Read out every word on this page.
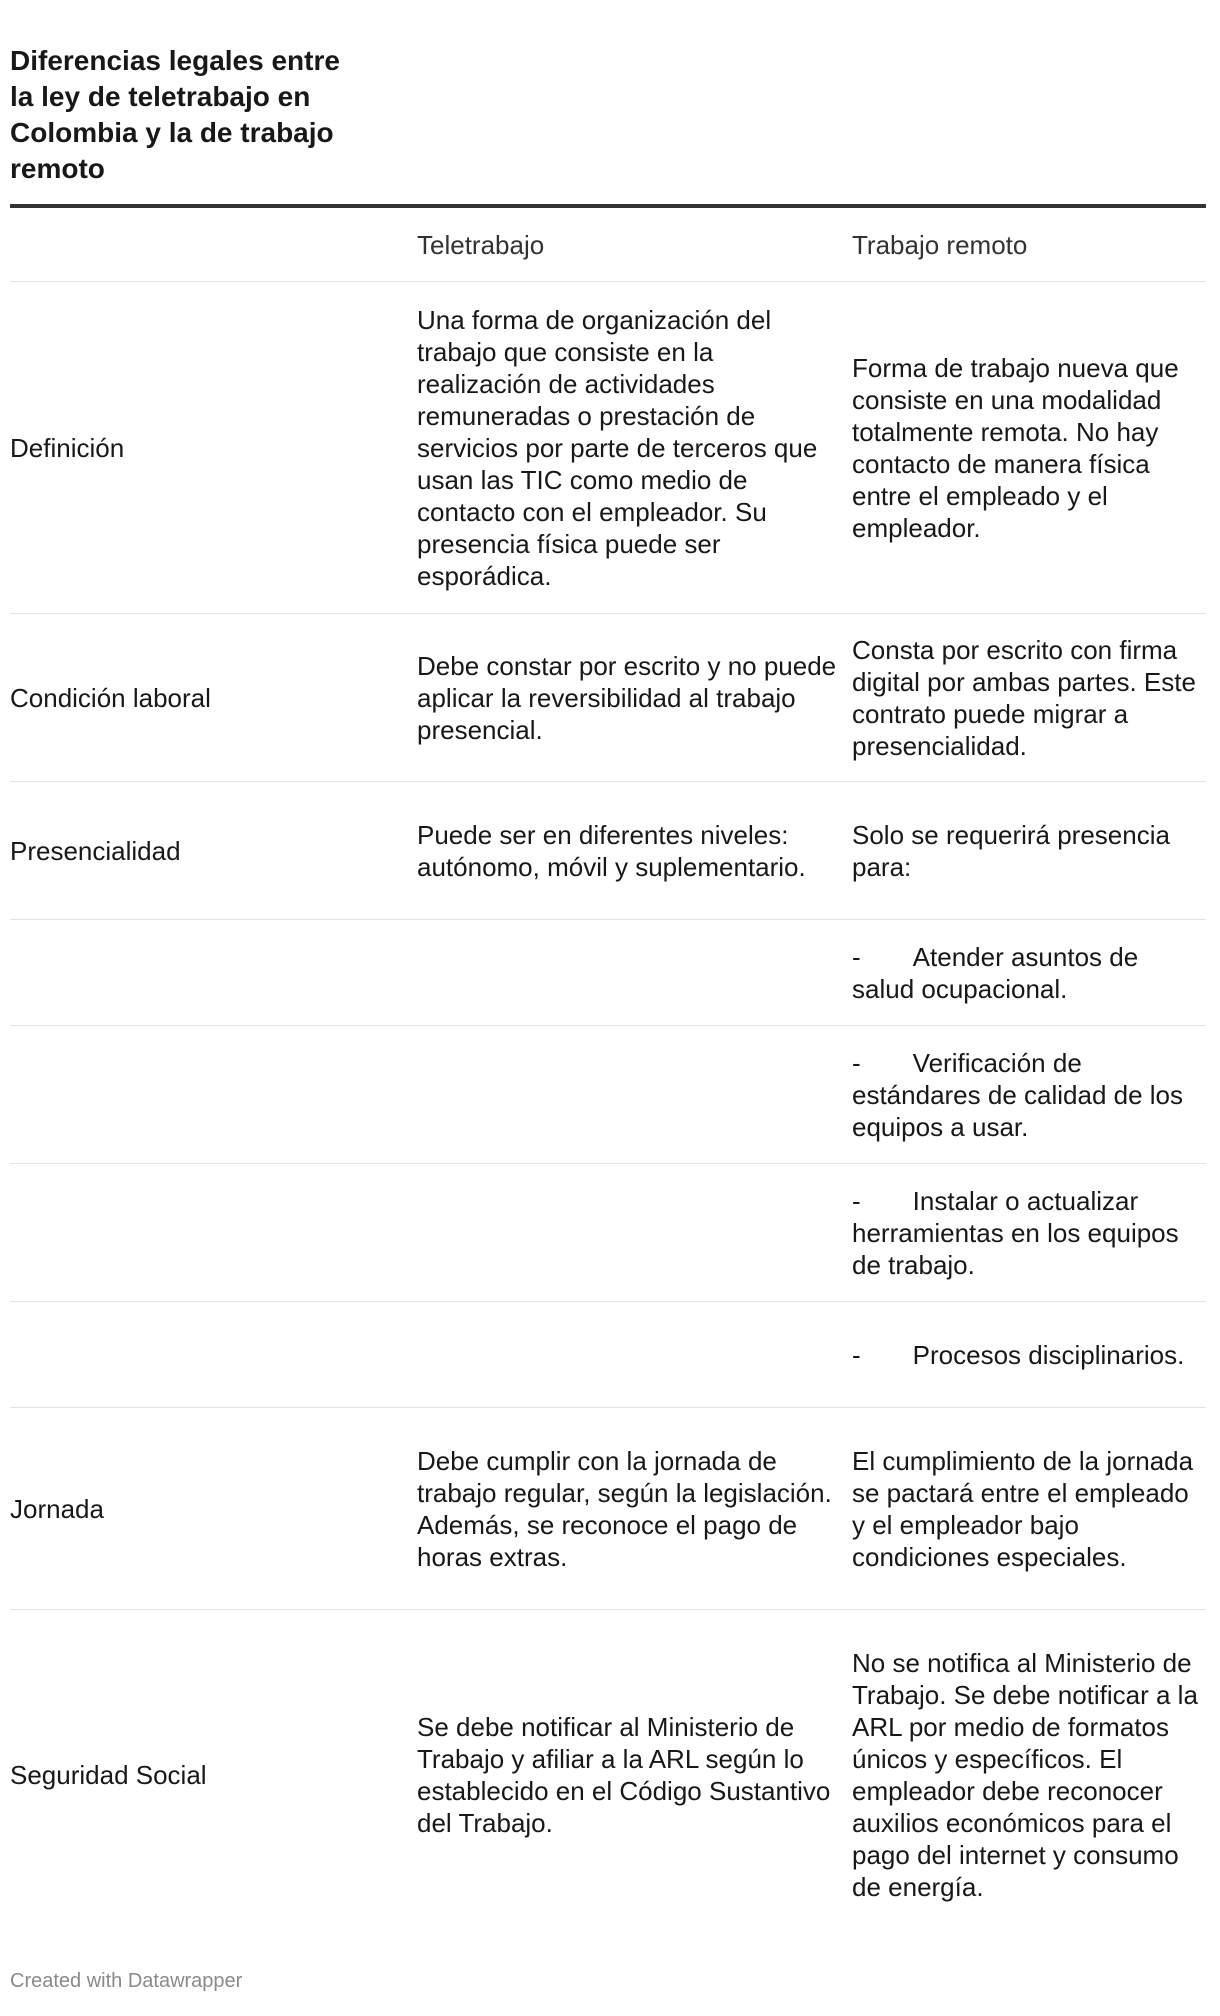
Diferencias legales entre la ley de teletrabajo en Colombia y la de trabajo remoto
Teletrabajo	Trabajo remoto
Definición
Una forma de organización del trabajo que consiste en la realización de actividades remuneradas o prestación de servicios por parte de terceros que usan las TIC como medio de contacto con el empleador. Su presencia física puede ser esporádica.
Forma de trabajo nueva que consiste en una modalidad totalmente remota. No hay contacto de manera física entre el empleado y el empleador.
Condición laboral
Debe constar por escrito y no puede aplicar la reversibilidad al trabajo presencial.
Consta por escrito con firma digital por ambas partes. Este contrato puede migrar a presencialidad.
Presencialidad
Puede ser en diferentes niveles: autónomo, móvil y suplementario.
Solo se requerirá presencia para:
- Atender asuntos de salud ocupacional.
- Verificación de estándares de calidad de los equipos a usar.
- Instalar o actualizar herramientas en los equipos de trabajo.
- Procesos disciplinarios.
Jornada
Debe cumplir con la jornada de trabajo regular, según la legislación. Además, se reconoce el pago de horas extras.
El cumplimiento de la jornada se pactará entre el empleado y el empleador bajo condiciones especiales.
Seguridad Social
Se debe notificar al Ministerio de Trabajo y afiliar a la ARL según lo establecido en el Código Sustantivo del Trabajo.
No se notifica al Ministerio de Trabajo. Se debe notificar a la ARL por medio de formatos únicos y específicos. El empleador debe reconocer auxilios económicos para el pago del internet y consumo de energía.
Created with Datawrapper
